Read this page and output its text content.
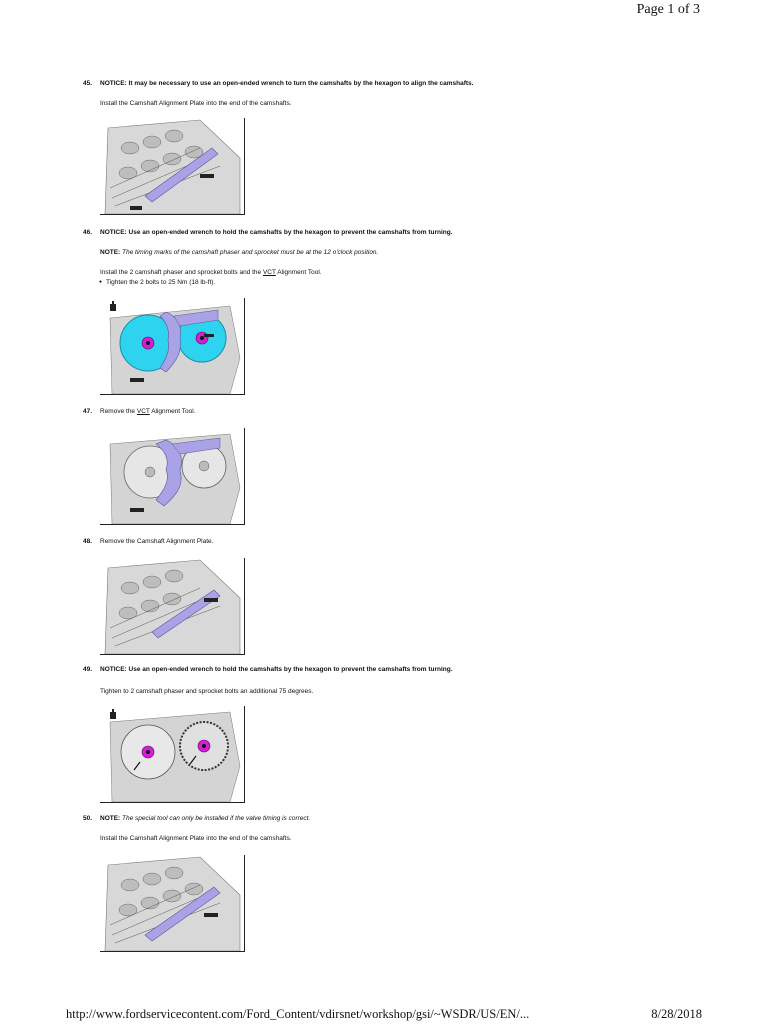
Page 1 of 3
45. NOTICE: It may be necessary to use an open-ended wrench to turn the camshafts by the hexagon to align the camshafts.
Install the Camshaft Alignment Plate into the end of the camshafts.
46. NOTICE: Use an open-ended wrench to hold the camshafts by the hexagon to prevent the camshafts from turning.
NOTE: The timing marks of the camshaft phaser and sprocket must be at the 12 o'clock position.
Install the 2 camshaft phaser and sprocket bolts and the VCT Alignment Tool.
● Tighten the 2 bolts to 25 Nm (18 lb-ft).
47. Remove the VCT Alignment Tool.
48. Remove the Camshaft Alignment Plate.
49. NOTICE: Use an open-ended wrench to hold the camshafts by the hexagon to prevent the camshafts from turning.
Tighten to 2 camshaft phaser and sprocket bolts an additional 75 degrees.
50. NOTE: The special tool can only be installed if the valve timing is correct.
Install the Camshaft Alignment Plate into the end of the camshafts.
http://www.fordservicecontent.com/Ford_Content/vdirsnet/workshop/gsi/~WSDR/US/EN/...	8/28/2018
